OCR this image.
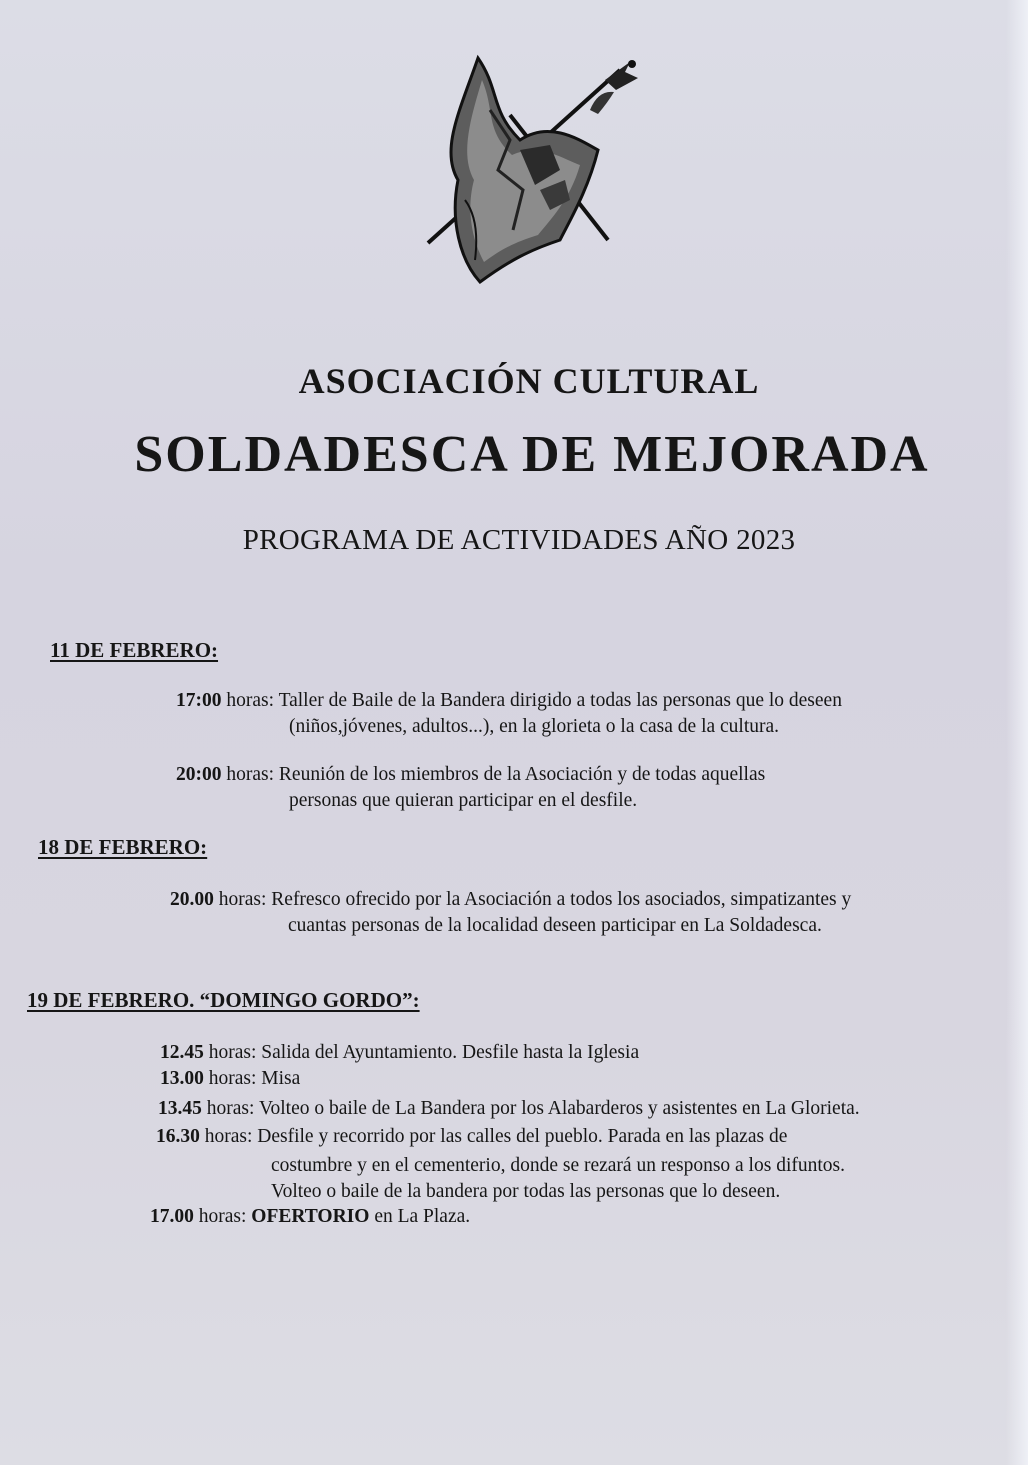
ASOCIACIÓN CULTURAL
SOLDADESCA DE MEJORADA
PROGRAMA DE ACTIVIDADES AÑO 2023
11 DE FEBRERO:
17:00 horas: Taller de Baile de la Bandera dirigido a todas las personas que lo deseen
(niños,jóvenes, adultos...), en la glorieta o la casa de la cultura.
20:00 horas: Reunión de los miembros de la Asociación y de todas aquellas
personas que quieran participar en el desfile.
18 DE FEBRERO:
20.00 horas: Refresco ofrecido por la Asociación a todos los asociados, simpatizantes y
cuantas personas de la localidad deseen participar en La Soldadesca.
19 DE FEBRERO. “DOMINGO GORDO”:
12.45 horas: Salida del Ayuntamiento. Desfile hasta la Iglesia
13.00 horas: Misa
13.45 horas: Volteo o baile de La Bandera por los Alabarderos y asistentes en La Glorieta.
16.30 horas: Desfile y recorrido por las calles del pueblo. Parada en las plazas de
costumbre y en el cementerio, donde se rezará un responso a los difuntos.
Volteo o baile de la bandera por todas las personas que lo deseen.
17.00 horas: OFERTORIO en La Plaza.
